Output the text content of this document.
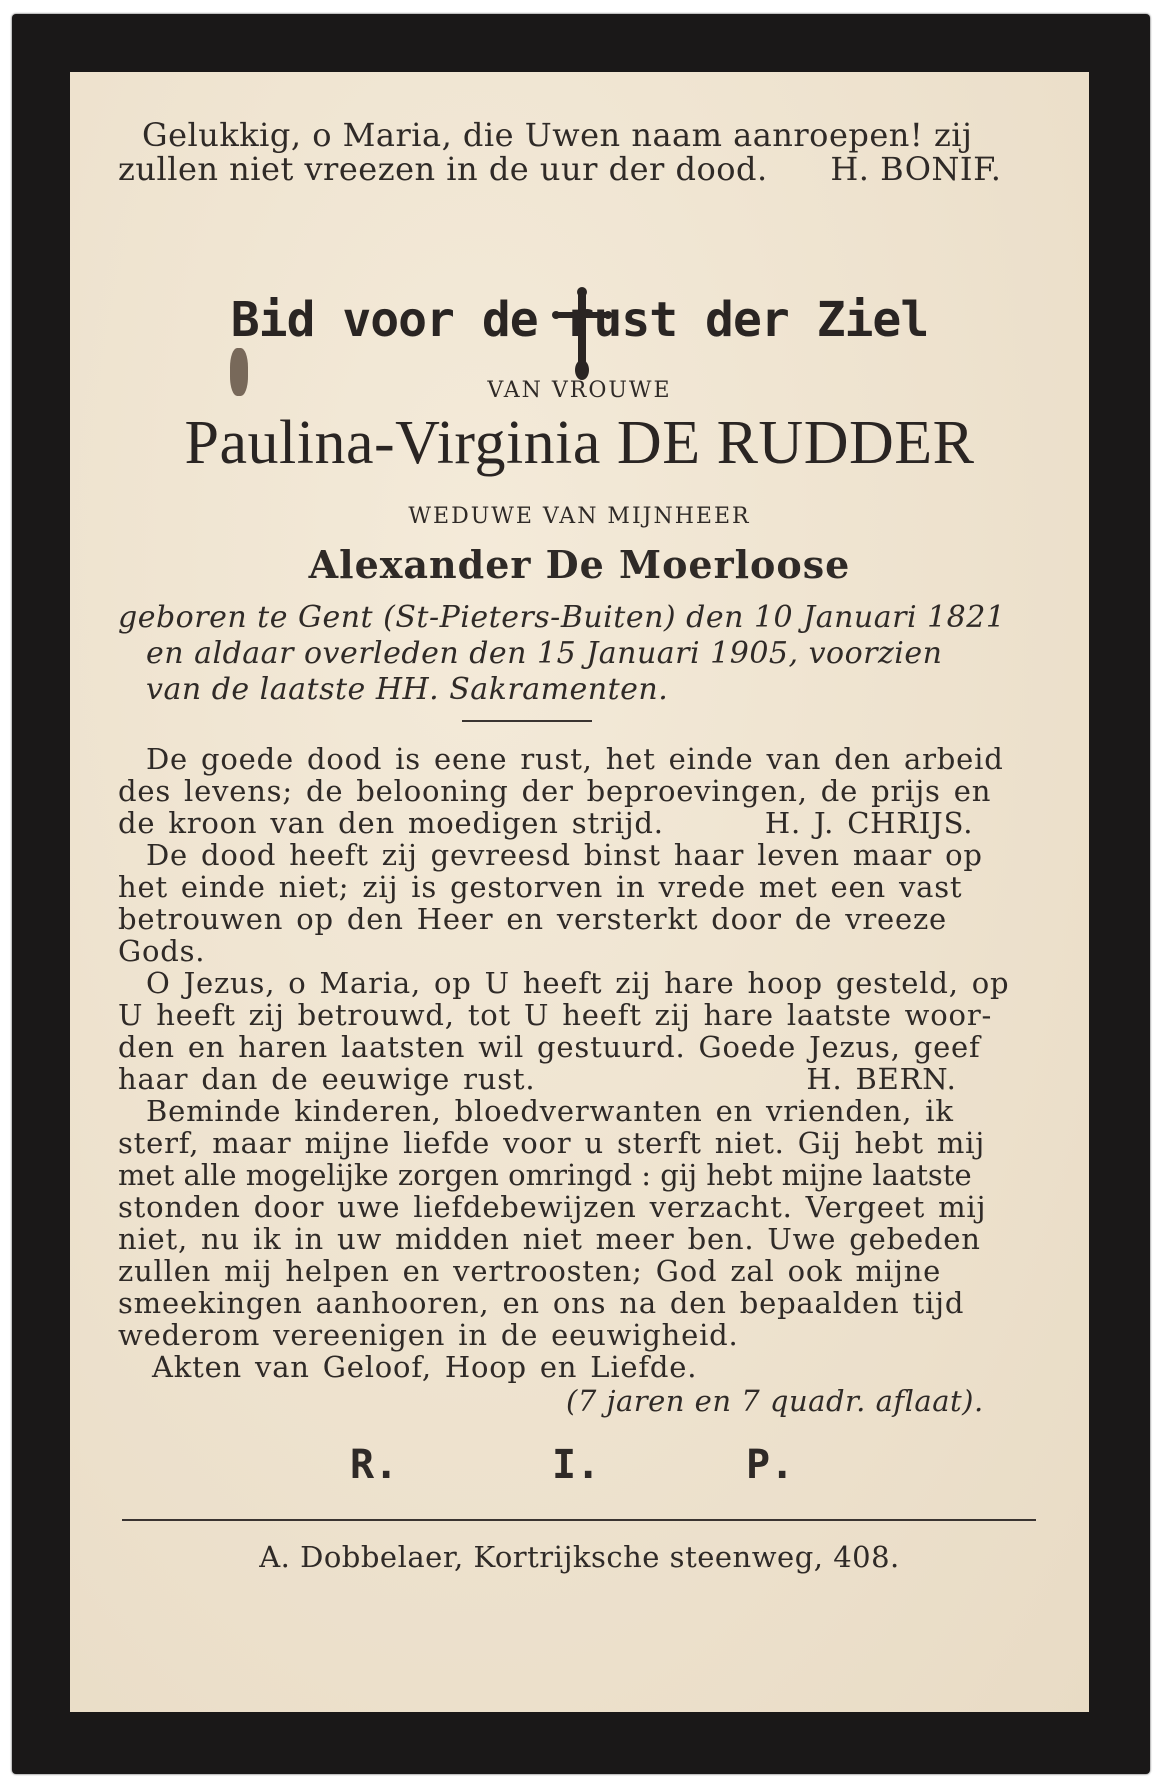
Gelukkig, o Maria, die Uwen naam aanroepen! zij
zullen niet vreezen in de uur der dood. H. BONIF.
Bid voor de rust der Ziel
VAN VROUWE
Paulina-Virginia DE RUDDER
WEDUWE VAN MIJNHEER
Alexander De Moerloose
geboren te Gent (St-Pieters-Buiten) den 10 Januari 1821
en aldaar overleden den 15 Januari 1905, voorzien
van de laatste HH. Sakramenten.
De goede dood is eene rust, het einde van den arbeid
des levens; de belooning der beproevingen, de prijs en
de kroon van den moedigen strijd.	H. J. CHRIJS.
De dood heeft zij gevreesd binst haar leven maar op
het einde niet; zij is gestorven in vrede met een vast
betrouwen op den Heer en versterkt door de vreeze
Gods.
O Jezus, o Maria, op U heeft zij hare hoop gesteld, op
U heeft zij betrouwd, tot U heeft zij hare laatste woor-
den en haren laatsten wil gestuurd. Goede Jezus, geef
haar dan de eeuwige rust.	H. BERN.
Beminde kinderen, bloedverwanten en vrienden, ik
sterf, maar mijne liefde voor u sterft niet. Gij hebt mij
met alle mogelijke zorgen omringd : gij hebt mijne laatste
stonden door uwe liefdebewijzen verzacht. Vergeet mij
niet, nu ik in uw midden niet meer ben. Uwe gebeden
zullen mij helpen en vertroosten; God zal ook mijne
smeekingen aanhooren, en ons na den bepaalden tijd
wederom vereenigen in de eeuwigheid.
Akten van Geloof, Hoop en Liefde.
(7 jaren en 7 quadr. aflaat).
R.	I.	P.
A. Dobbelaer, Kortrijksche steenweg, 408.
